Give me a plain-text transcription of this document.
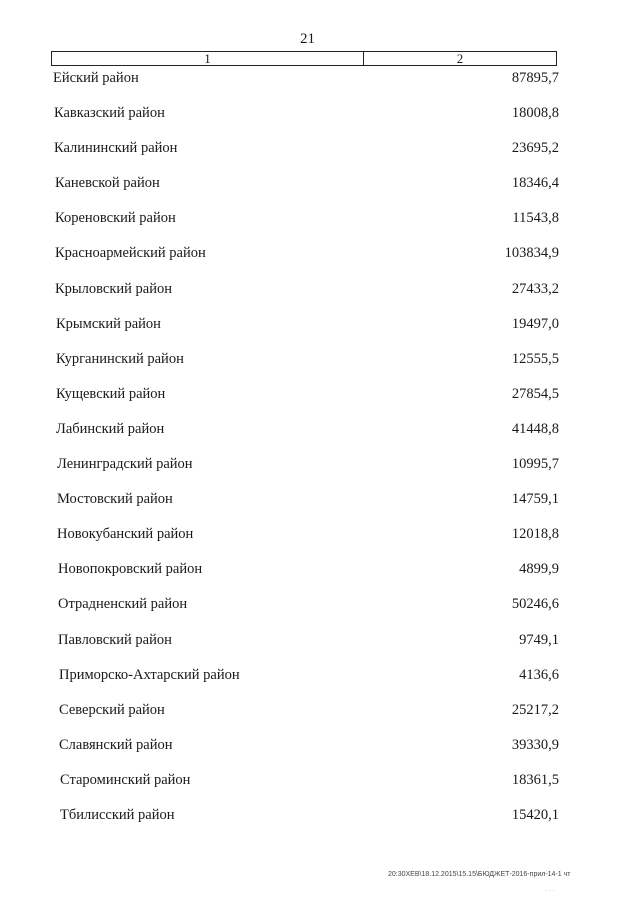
21
1	2
Ейский район	87895,7
Кавказский район	18008,8
Калининский район	23695,2
Каневской район	18346,4
Кореновский район	11543,8
Красноармейский район	103834,9
Крыловский район	27433,2
Крымский район	19497,0
Курганинский район	12555,5
Кущевский район	27854,5
Лабинский район	41448,8
Ленинградский район	10995,7
Мостовский район	14759,1
Новокубанский район	12018,8
Новопокровский район	4899,9
Отрадненский район	50246,6
Павловский район	9749,1
Приморско-Ахтарский район	4136,6
Северский район	25217,2
Славянский район	39330,9
Староминский район	18361,5
Тбилисский район	15420,1
20:30ХЕВ\18.12.2015\15.15\БЮДЖЕТ-2016-прил-14-1 чт
· · ·
